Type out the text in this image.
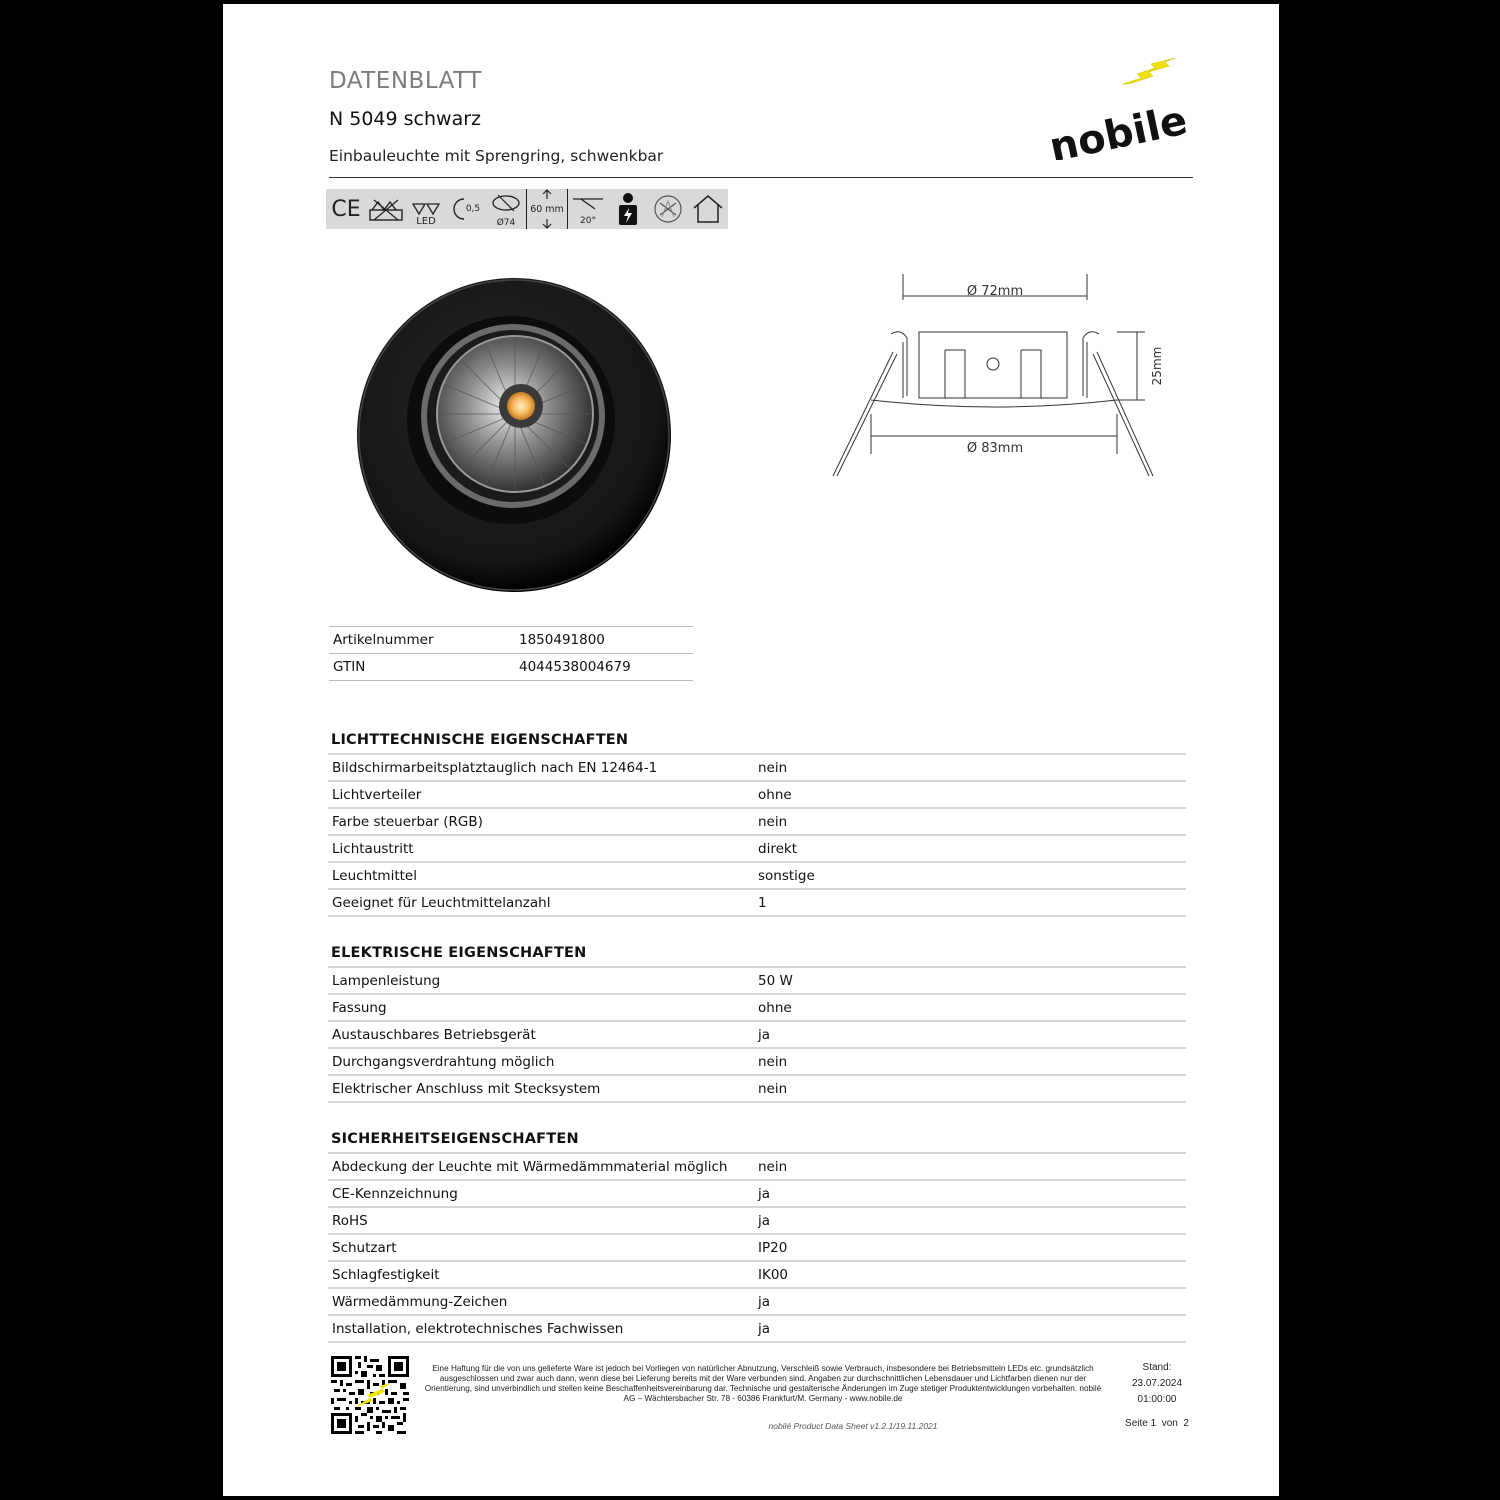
DATENBLATT
N 5049 schwarz
Einbauleuchte mit Sprengring, schwenkbar	nobile
CE	LED
0,5
Ø74
60 mm
20°
Ø 72mm
Ø 83mm
25mm
Artikelnummer	1850491800
GTIN	4044538004679
LICHTTECHNISCHE EIGENSCHAFTEN
Bildschirmarbeitsplatztauglich nach EN 12464-1	nein
Lichtverteiler	ohne
Farbe steuerbar (RGB)	nein
Lichtaustritt	direkt
Leuchtmittel	sonstige
Geeignet für Leuchtmittelanzahl	1
ELEKTRISCHE EIGENSCHAFTEN
Lampenleistung	50 W
Fassung	ohne
Austauschbares Betriebsgerät	ja
Durchgangsverdrahtung möglich	nein
Elektrischer Anschluss mit Stecksystem	nein
SICHERHEITSEIGENSCHAFTEN
Abdeckung der Leuchte mit Wärmedämmmaterial möglich	nein
CE-Kennzeichnung	ja
RoHS	ja
Schutzart	IP20
Schlagfestigkeit	IK00
Wärmedämmung-Zeichen	ja
Installation, elektrotechnisches Fachwissen	ja
Eine Haftung für die von uns gelieferte Ware ist jedoch bei Vorliegen von natürlicher Abnutzung, Verschleiß sowie Verbrauch, insbesondere bei Betriebsmitteln LEDs etc. grundsätzlich ausgeschlossen und zwar auch dann, wenn diese bei Lieferung bereits mit der Ware verbunden sind. Angaben zur durchschnittlichen Lebensdauer und Lichtfarben dienen nur der Orientierung, sind unverbindlich und stellen keine Beschaffenheitsvereinbarung dar. Technische und gestalterische Änderungen im Zuge stetiger Produktentwicklungen vorbehalten. nobilé AG – Wächtersbacher Str. 78 - 60386 Frankfurt/M. Germany - www.nobile.de
nobilé Product Data Sheet v1.2.1/19.11.2021
Stand:
23.07.2024
01:00:00
Seite 1  von  2
